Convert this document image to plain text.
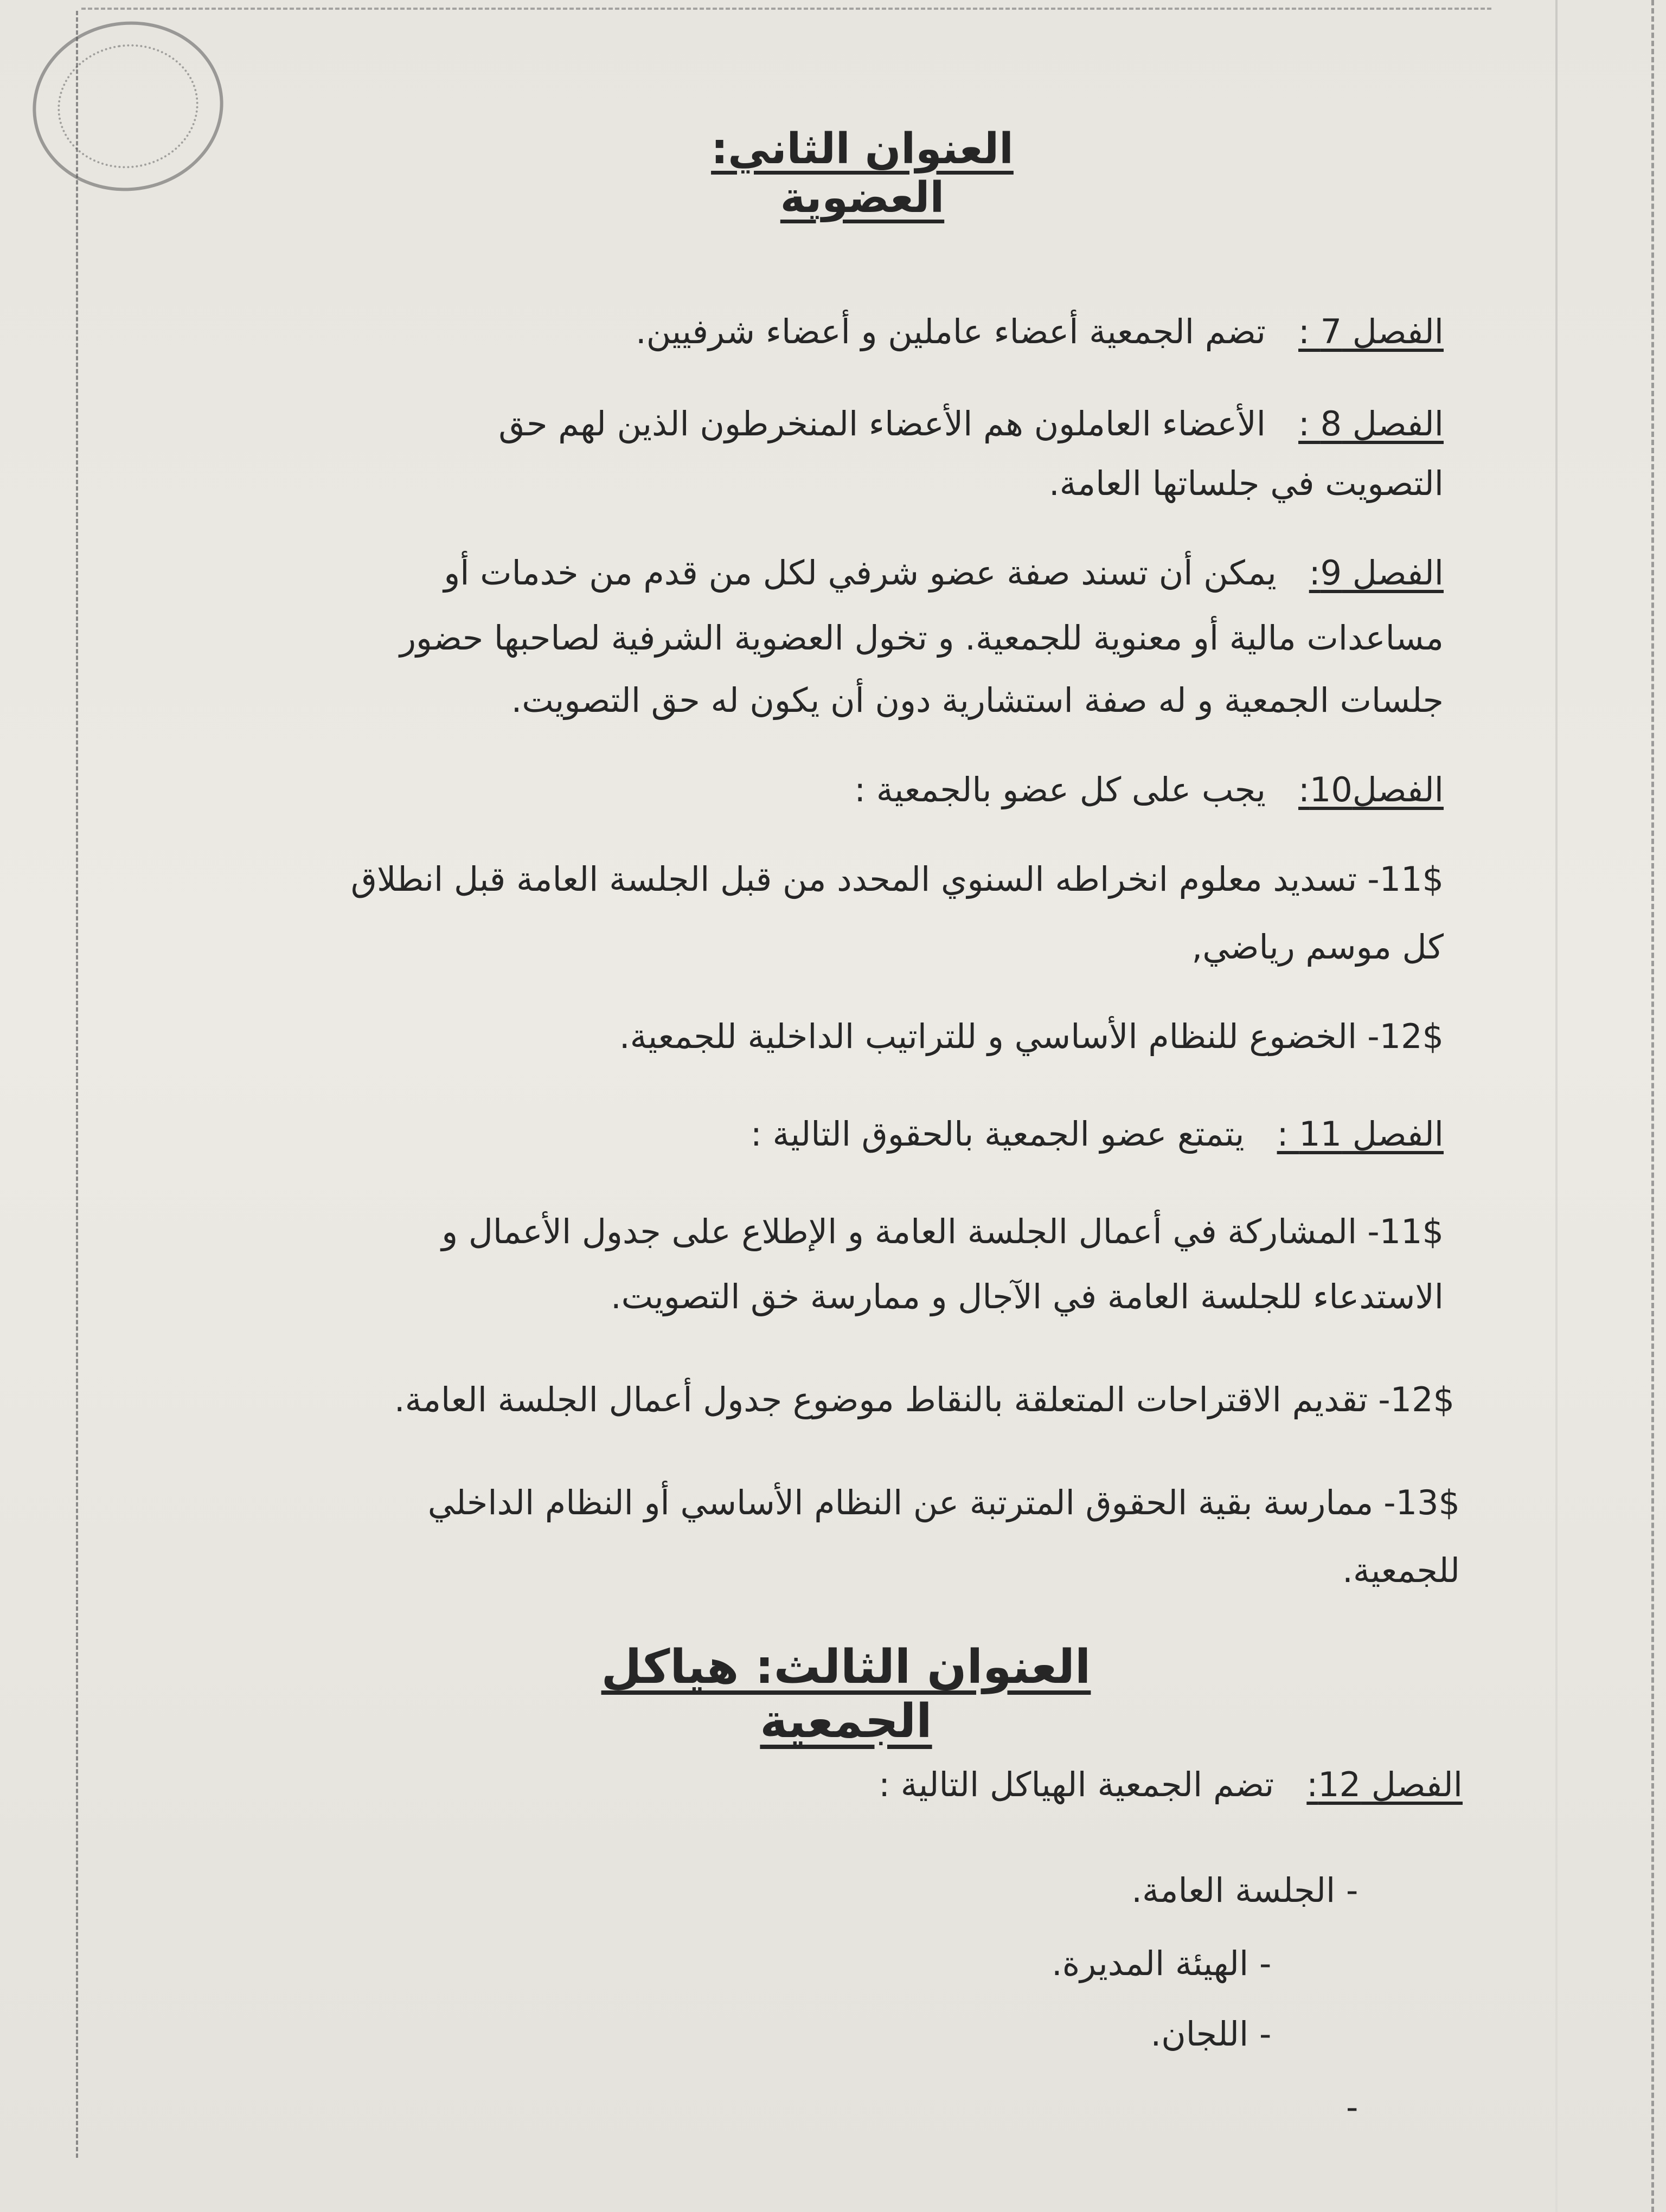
العنوان الثاني: العضوية
الفصل 7 :تضم الجمعية أعضاء عاملين و أعضاء شرفيين.
الفصل 8 :الأعضاء العاملون هم الأعضاء المنخرطون الذين لهم حق
التصويت في جلساتها العامة.
الفصل 9:يمكن أن تسند صفة عضو شرفي لكل من قدم من خدمات أو
مساعدات مالية أو معنوية للجمعية. و تخول العضوية الشرفية لصاحبها حضور
جلسات الجمعية و له صفة استشارية دون أن يكون له حق التصويت.
الفصل10:يجب على كل عضو بالجمعية :
11$- تسديد معلوم انخراطه السنوي المحدد من قبل الجلسة العامة قبل انطلاق
كل موسم رياضي,
12$- الخضوع للنظام الأساسي و للتراتيب الداخلية للجمعية.
الفصل 11 :يتمتع عضو الجمعية بالحقوق التالية :
11$- المشاركة في أعمال الجلسة العامة و الإطلاع على جدول الأعمال و
الاستدعاء للجلسة العامة في الآجال و ممارسة خق التصويت.
12$- تقديم الاقتراحات المتعلقة بالنقاط موضوع جدول أعمال الجلسة العامة.
13$- ممارسة بقية الحقوق المترتبة عن النظام الأساسي أو النظام الداخلي
للجمعية.
العنوان الثالث: هياكل الجمعية
الفصل 12:تضم الجمعية الهياكل التالية :
- الجلسة العامة.
- الهيئة المديرة.
- اللجان.
-
